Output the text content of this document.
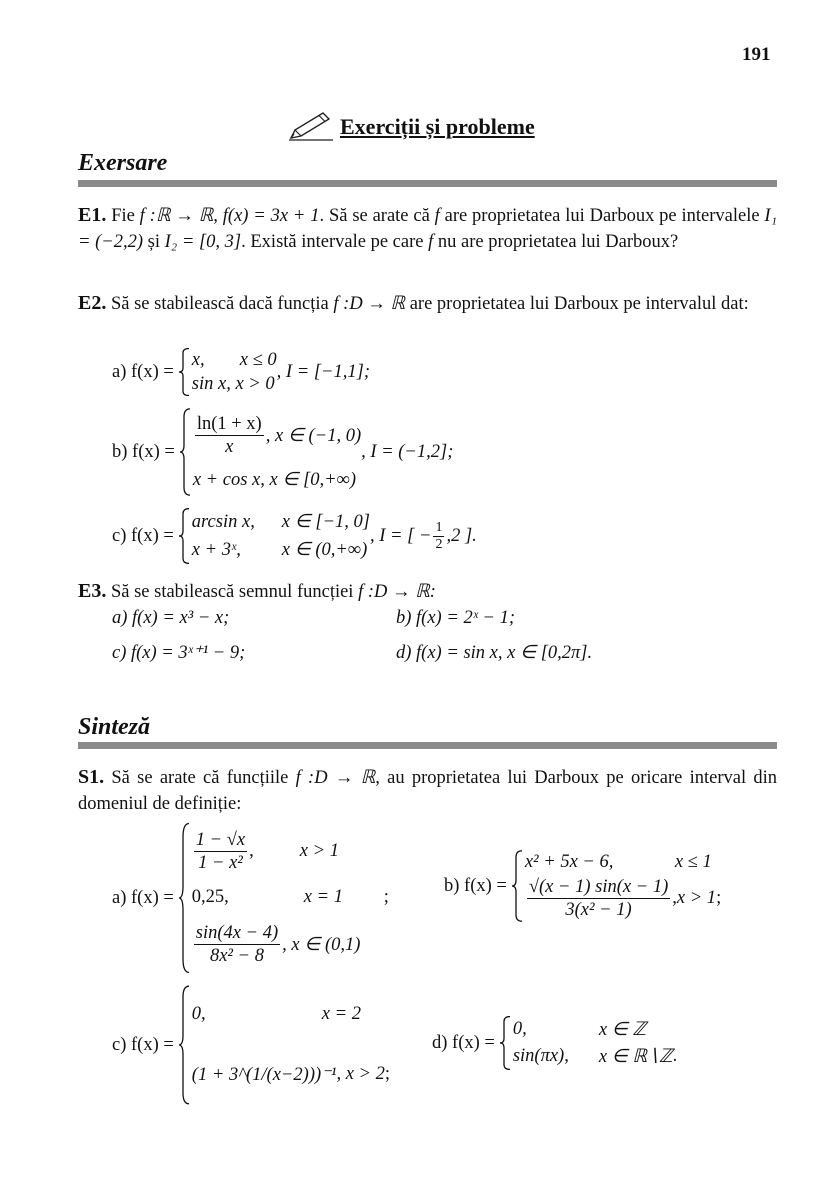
191
Exerciții și probleme
Exersare
E1. Fie f :ℝ → ℝ, f(x) = 3x + 1. Să se arate că f are proprietatea lui Darboux pe intervalele I₁ = (−2,2) și I₂ = [0, 3]. Există intervale pe care f nu are proprietatea lui Darboux?
E2. Să se stabilească dacă funcția f :D → ℝ are proprietatea lui Darboux pe intervalul dat:
a) f(x) =
x,	x ≤ 0
sin x, x > 0
, I = [−1,1];
b) $f(x) = \frac{\ln(1 + x)}{x}$ , x ∈ (−1, 0)
x + cos x, x ∈ [0,+∞)
, I = (−1,2];
c) f(x) =
arcsin x,	x ∈ [−1, 0]
x + 3ˣ,	x ∈ (0,+∞)
, I = [ − $\frac{1}{2} ,2$ ].
E3. Să se stabilească semnul funcției f :D → ℝ:
a) f(x) = x³ − x;	b) f(x) = 2ˣ − 1;
c) f(x) = 3ˣ⁺¹ − 9;	d) f(x) = sin x, x ∈ [0,2π].
Sinteză
S1. Să se arate că funcțiile f :D → ℝ, au proprietatea lui Darboux pe oricare interval din domeniul de definiție:
a) f(x) =
$\frac{1 - √x}{\text{1 − x²}}$ ,	x > 1
0,25,	x = 1	;
$\frac{\sin(4x - 4)}{\text{8x² − 8}}$ , x ∈ (0,1)
b) f(x) =
x² + 5x − 6,	x ≤ 1
$\frac{√(x - 1) \sin(x - 1)}{\text{3(x² − 1)}} ,x > 1$ ;
c) f(x) =
0,	x = 2
(1 + 3^(1/(x−2)))⁻¹ , x > 2 ;
d) f(x) =
0,	x ∈ ℤ
sin(πx),	x ∈ ℝ∖ℤ .
